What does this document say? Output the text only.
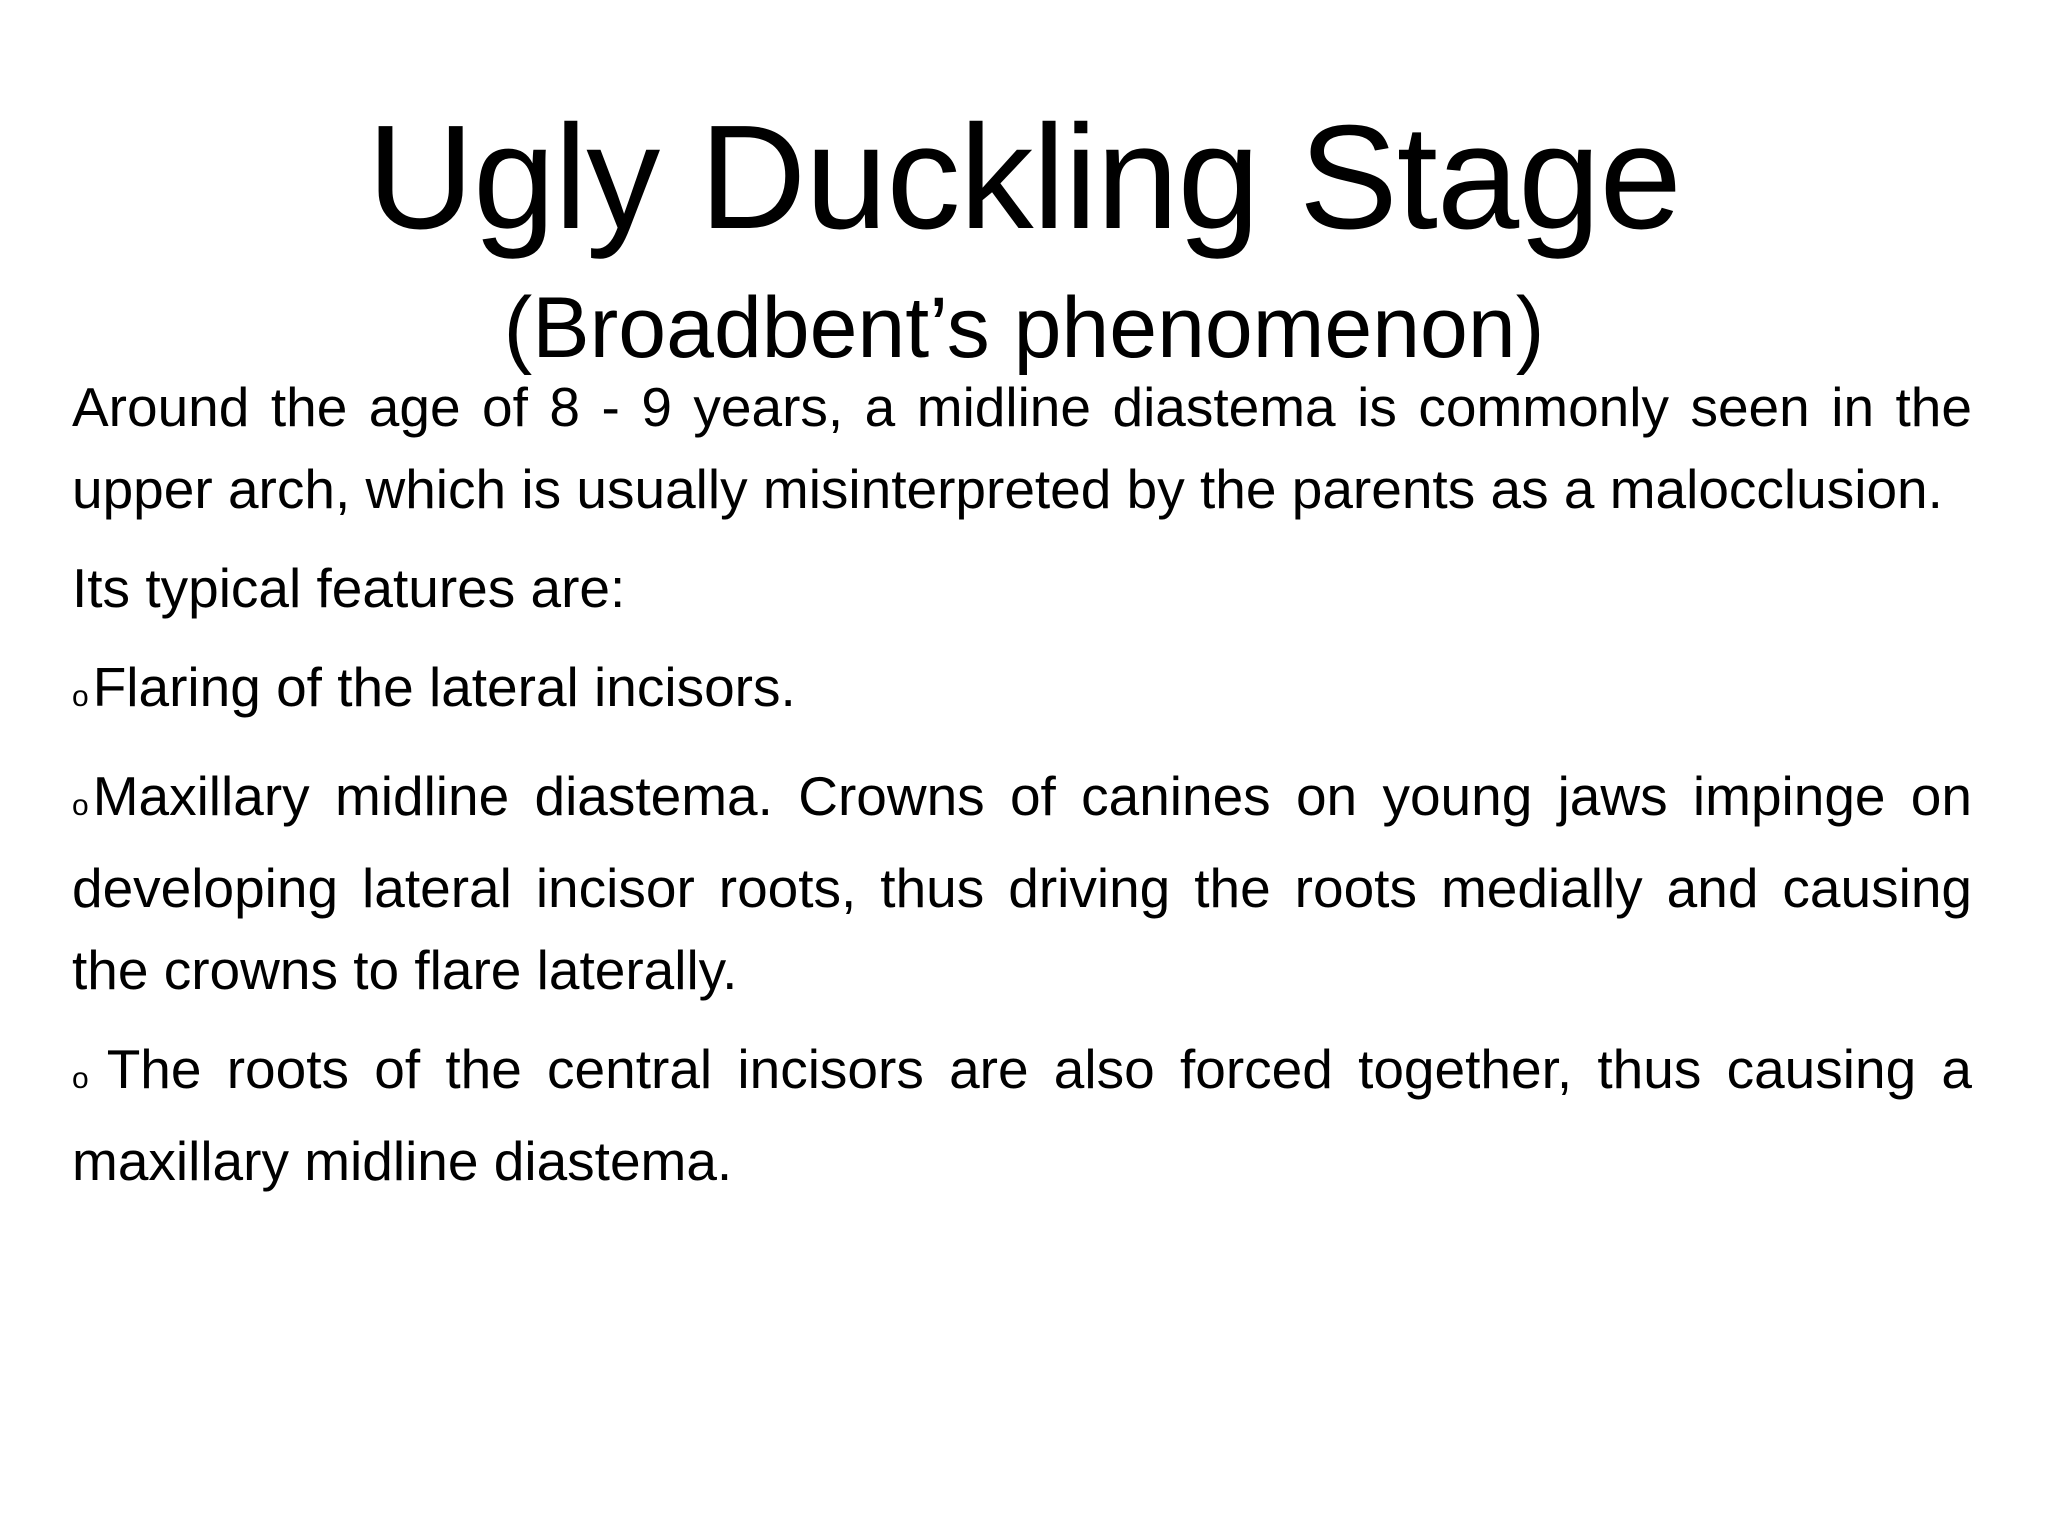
Ugly Duckling Stage
(Broadbent’s phenomenon)

Around the age of 8 - 9 years, a midline diastema is commonly seen in the upper arch, which is usually misinterpreted by the parents as a malocclusion.

Its typical features are:

oFlaring of the lateral incisors.

oMaxillary midline diastema. Crowns of canines on young jaws impinge on developing lateral incisor roots, thus driving the roots medially and causing the crowns to flare laterally.

o The roots of the central incisors are also forced together, thus causing a maxillary midline diastema.
